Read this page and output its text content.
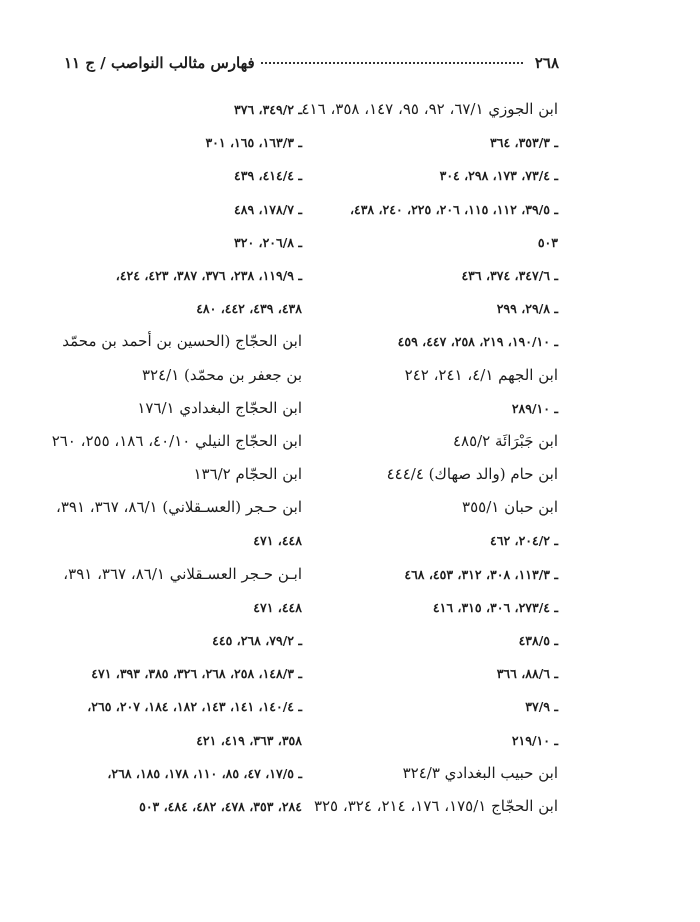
٢٦٨
فهارس مثالب النواصب / ج ١١
ابن الجوزي ٦٧/١، ٩٢، ٩٥، ١٤٧، ٣٥٨، ٤١٦
ـ ٣٥٣/٣، ٣٦٤
ـ ٧٣/٤، ١٧٣، ٢٩٨، ٣٠٤
ـ ٣٩/٥، ١١٢، ١١٥، ٢٠٦، ٢٢٥، ٢٤٠، ٤٣٨،
٥٠٣
ـ ٣٤٧/٦، ٣٧٤، ٤٣٦
ـ ٢٩/٨، ٢٩٩
ـ ١٩٠/١٠، ٢١٩، ٢٥٨، ٤٤٧، ٤٥٩
ابن الجهم ٤/١، ٢٤١، ٢٤٢
ـ ٢٨٩/١٠
ابن جَبْرَائَة ٤٨٥/٢
ابن حام (والد صهاك) ٤٤٤/٤
ابن حبان ٣٥٥/١
ـ ٢٠٤/٢، ٤٦٢
ـ ١١٣/٣، ٣٠٨، ٣١٢، ٤٥٣، ٤٦٨
ـ ٢٧٣/٤، ٣٠٦، ٣١٥، ٤١٦
ـ ٤٣٨/٥
ـ ٨٨/٦، ٣٦٦
ـ ٣٧/٩
ـ ٢١٩/١٠
ابن حبيب البغدادي ٣٢٤/٣
ابن الحجّاج ١٧٥/١، ١٧٦، ٢١٤، ٣٢٤، ٣٢٥
ـ ٣٤٩/٢، ٣٧٦
ـ ١٦٣/٣، ١٦٥، ٣٠١
ـ ٤١٤/٤، ٤٣٩
ـ ١٧٨/٧، ٤٨٩
ـ ٢٠٦/٨، ٣٢٠
ـ ١١٩/٩، ٢٣٨، ٣٧٦، ٣٨٧، ٤٢٣، ٤٢٤،
٤٣٨، ٤٣٩، ٤٤٢، ٤٨٠
ابن الحجّاج (الحسين بن أحمد بن محمّد
بن جعفر بن محمّد) ٣٢٤/١
ابن الحجّاج البغدادي ١٧٦/١
ابن الحجّاج النيلي ٤٠/١٠، ١٨٦، ٢٥٥، ٢٦٠
ابن الحجّام ١٣٦/٢
ابن حـجر (العسـقلاني) ٨٦/١، ٣٦٧، ٣٩١،
٤٤٨، ٤٧١
ابـن حـجر العسـقلاني ٨٦/١، ٣٦٧، ٣٩١،
٤٤٨، ٤٧١
ـ ٧٩/٢، ٢٦٨، ٤٤٥
ـ ١٤٨/٣، ٢٥٨، ٢٦٨، ٣٢٦، ٣٨٥، ٣٩٣، ٤٧١
ـ ١٤٠/٤، ١٤١، ١٤٣، ١٨٢، ١٨٤، ٢٠٧، ٢٦٥،
٣٥٨، ٣٦٣، ٤١٩، ٤٢١
ـ ١٧/٥، ٤٧، ٨٥، ١١٠، ١٧٨، ١٨٥، ٢٦٨،
٢٨٤، ٣٥٣، ٤٧٨، ٤٨٢، ٤٨٤، ٥٠٣
